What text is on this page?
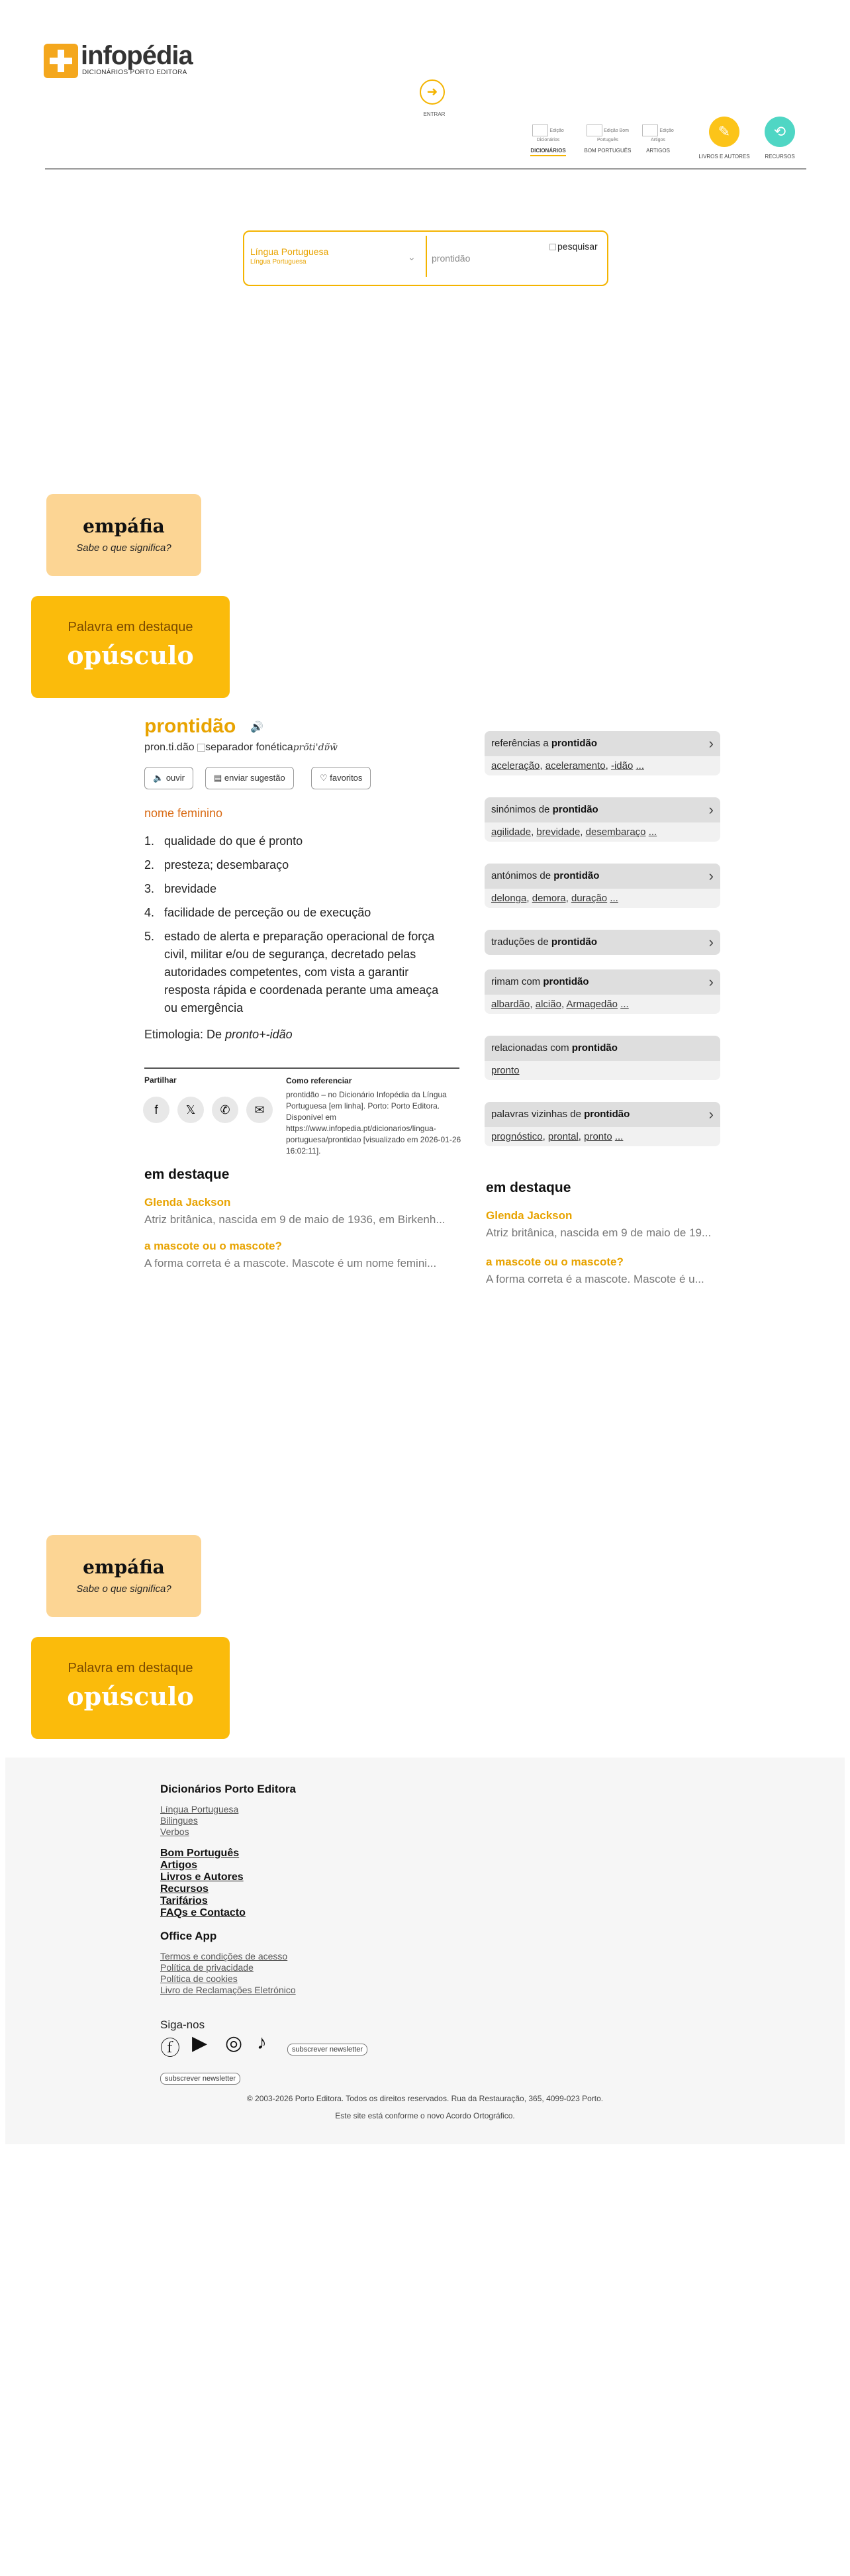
infopédia
DICIONÁRIOS PORTO EDITORA
➜
ENTRAR
Edição Dicionários DICIONÁRIOS
Edição Bom Português
BOM PORTUGUÊS
Edição Artigos
ARTIGOS
✎
LIVROS E AUTORES
⟲
RECURSOS
Língua Portuguesa
Língua Portuguesa	⌄
prontidão
pesquisar
empáfia
Sabe o que significa?
Palavra em destaque
opúsculo
prontidão 🔊
pron.ti.dão separador fonéticaprõti'dɐ̃w̃
🔈 ouvir	▤ enviar sugestão	♡ favoritos
nome feminino
1. qualidade do que é pronto
2. presteza; desembaraço
3. brevidade
4. facilidade de perceção ou de execução
5. estado de alerta e preparação operacional de força civil, militar e/ou de segurança, decretado pelas autoridades competentes, com vista a garantir resposta rápida e coordenada perante uma ameaça ou emergência
Etimologia: De pronto+-idão
Partilhar
f	𝕏	✆	✉
Como referenciar
prontidão – no Dicionário Infopédia da Língua Portuguesa [em linha]. Porto: Porto Editora. Disponível em https://www.infopedia.pt/dicionarios/lingua-portuguesa/prontidao [visualizado em 2026-01-26 16:02:11].
em destaque
Glenda Jackson
Atriz britânica, nascida em 9 de maio de 1936, em Birkenh...
a mascote ou o mascote?
A forma correta é a mascote. Mascote é um nome femini...
referências a prontidão	›
aceleração, aceleramento, -idão ...
sinónimos de prontidão	›
agilidade, brevidade, desembaraço ...
antónimos de prontidão	›
delonga, demora, duração ...
traduções de prontidão	›
rimam com prontidão	›
albardão, alcião, Armagedão ...
relacionadas com prontidão
pronto
palavras vizinhas de prontidão	›
prognóstico, prontal, pronto ...
em destaque
Glenda Jackson
Atriz britânica, nascida em 9 de maio de 19...
a mascote ou o mascote?
A forma correta é a mascote. Mascote é u...
empáfia
Sabe o que significa?
Palavra em destaque
opúsculo
Dicionários Porto Editora
Língua Portuguesa
Bilingues
Verbos
Bom Português
Artigos
Livros e Autores
Recursos
Tarifários
FAQs e Contacto
Office App
Termos e condições de acesso
Política de privacidade
Política de cookies
Livro de Reclamações Eletrónico
Siga-nos
ⓕ ▶ ◎ ♪	subscrever newsletter
subscrever newsletter
© 2003-2026 Porto Editora. Todos os direitos reservados. Rua da Restauração, 365, 4099-023 Porto.
Este site está conforme o novo Acordo Ortográfico.
